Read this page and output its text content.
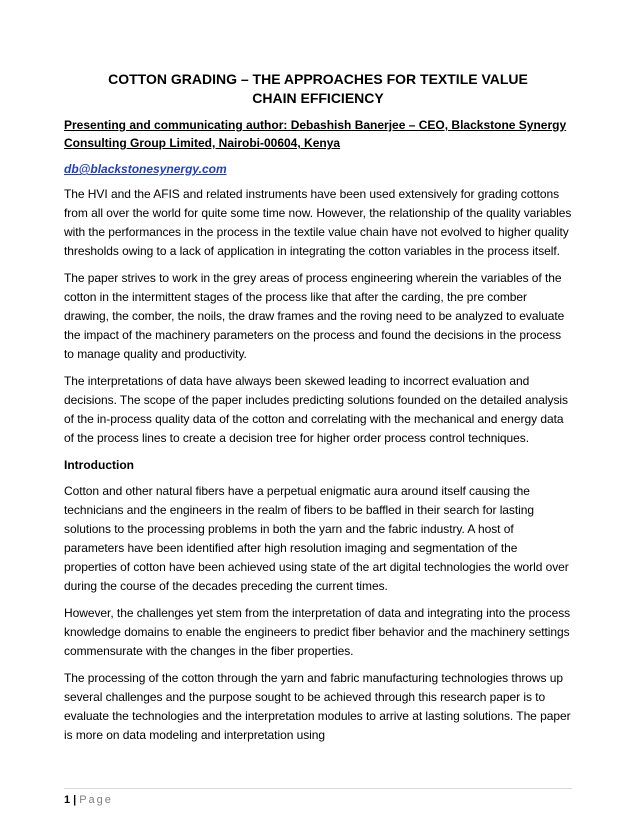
COTTON GRADING – THE APPROACHES FOR TEXTILE VALUE
CHAIN EFFICIENCY
Presenting and communicating author: Debashish Banerjee – CEO, Blackstone Synergy Consulting Group Limited, Nairobi-00604, Kenya
db@blackstonesynergy.com

The HVI and the AFIS and related instruments have been used extensively for grading cottons from all over the world for quite some time now. However, the relationship of the quality variables with the performances in the process in the textile value chain have not evolved to higher quality thresholds owing to a lack of application in integrating the cotton variables in the process itself.

The paper strives to work in the grey areas of process engineering wherein the variables of the cotton in the intermittent stages of the process like that after the carding, the pre comber drawing, the comber, the noils, the draw frames and the roving need to be analyzed to evaluate the impact of the machinery parameters on the process and found the decisions in the process to manage quality and productivity.

The interpretations of data have always been skewed leading to incorrect evaluation and decisions. The scope of the paper includes predicting solutions founded on the detailed analysis of the in-process quality data of the cotton and correlating with the mechanical and energy data of the process lines to create a decision tree for higher order process control techniques.

Introduction

Cotton and other natural fibers have a perpetual enigmatic aura around itself causing the technicians and the engineers in the realm of fibers to be baffled in their search for lasting solutions to the processing problems in both the yarn and the fabric industry. A host of parameters have been identified after high resolution imaging and segmentation of the properties of cotton have been achieved using state of the art digital technologies the world over during the course of the decades preceding the current times.

However, the challenges yet stem from the interpretation of data and integrating into the process knowledge domains to enable the engineers to predict fiber behavior and the machinery settings commensurate with the changes in the fiber properties.

The processing of the cotton through the yarn and fabric manufacturing technologies throws up several challenges and the purpose sought to be achieved through this research paper is to evaluate the technologies and the interpretation modules to arrive at lasting solutions. The paper is more on data modeling and interpretation using

1 | Page
